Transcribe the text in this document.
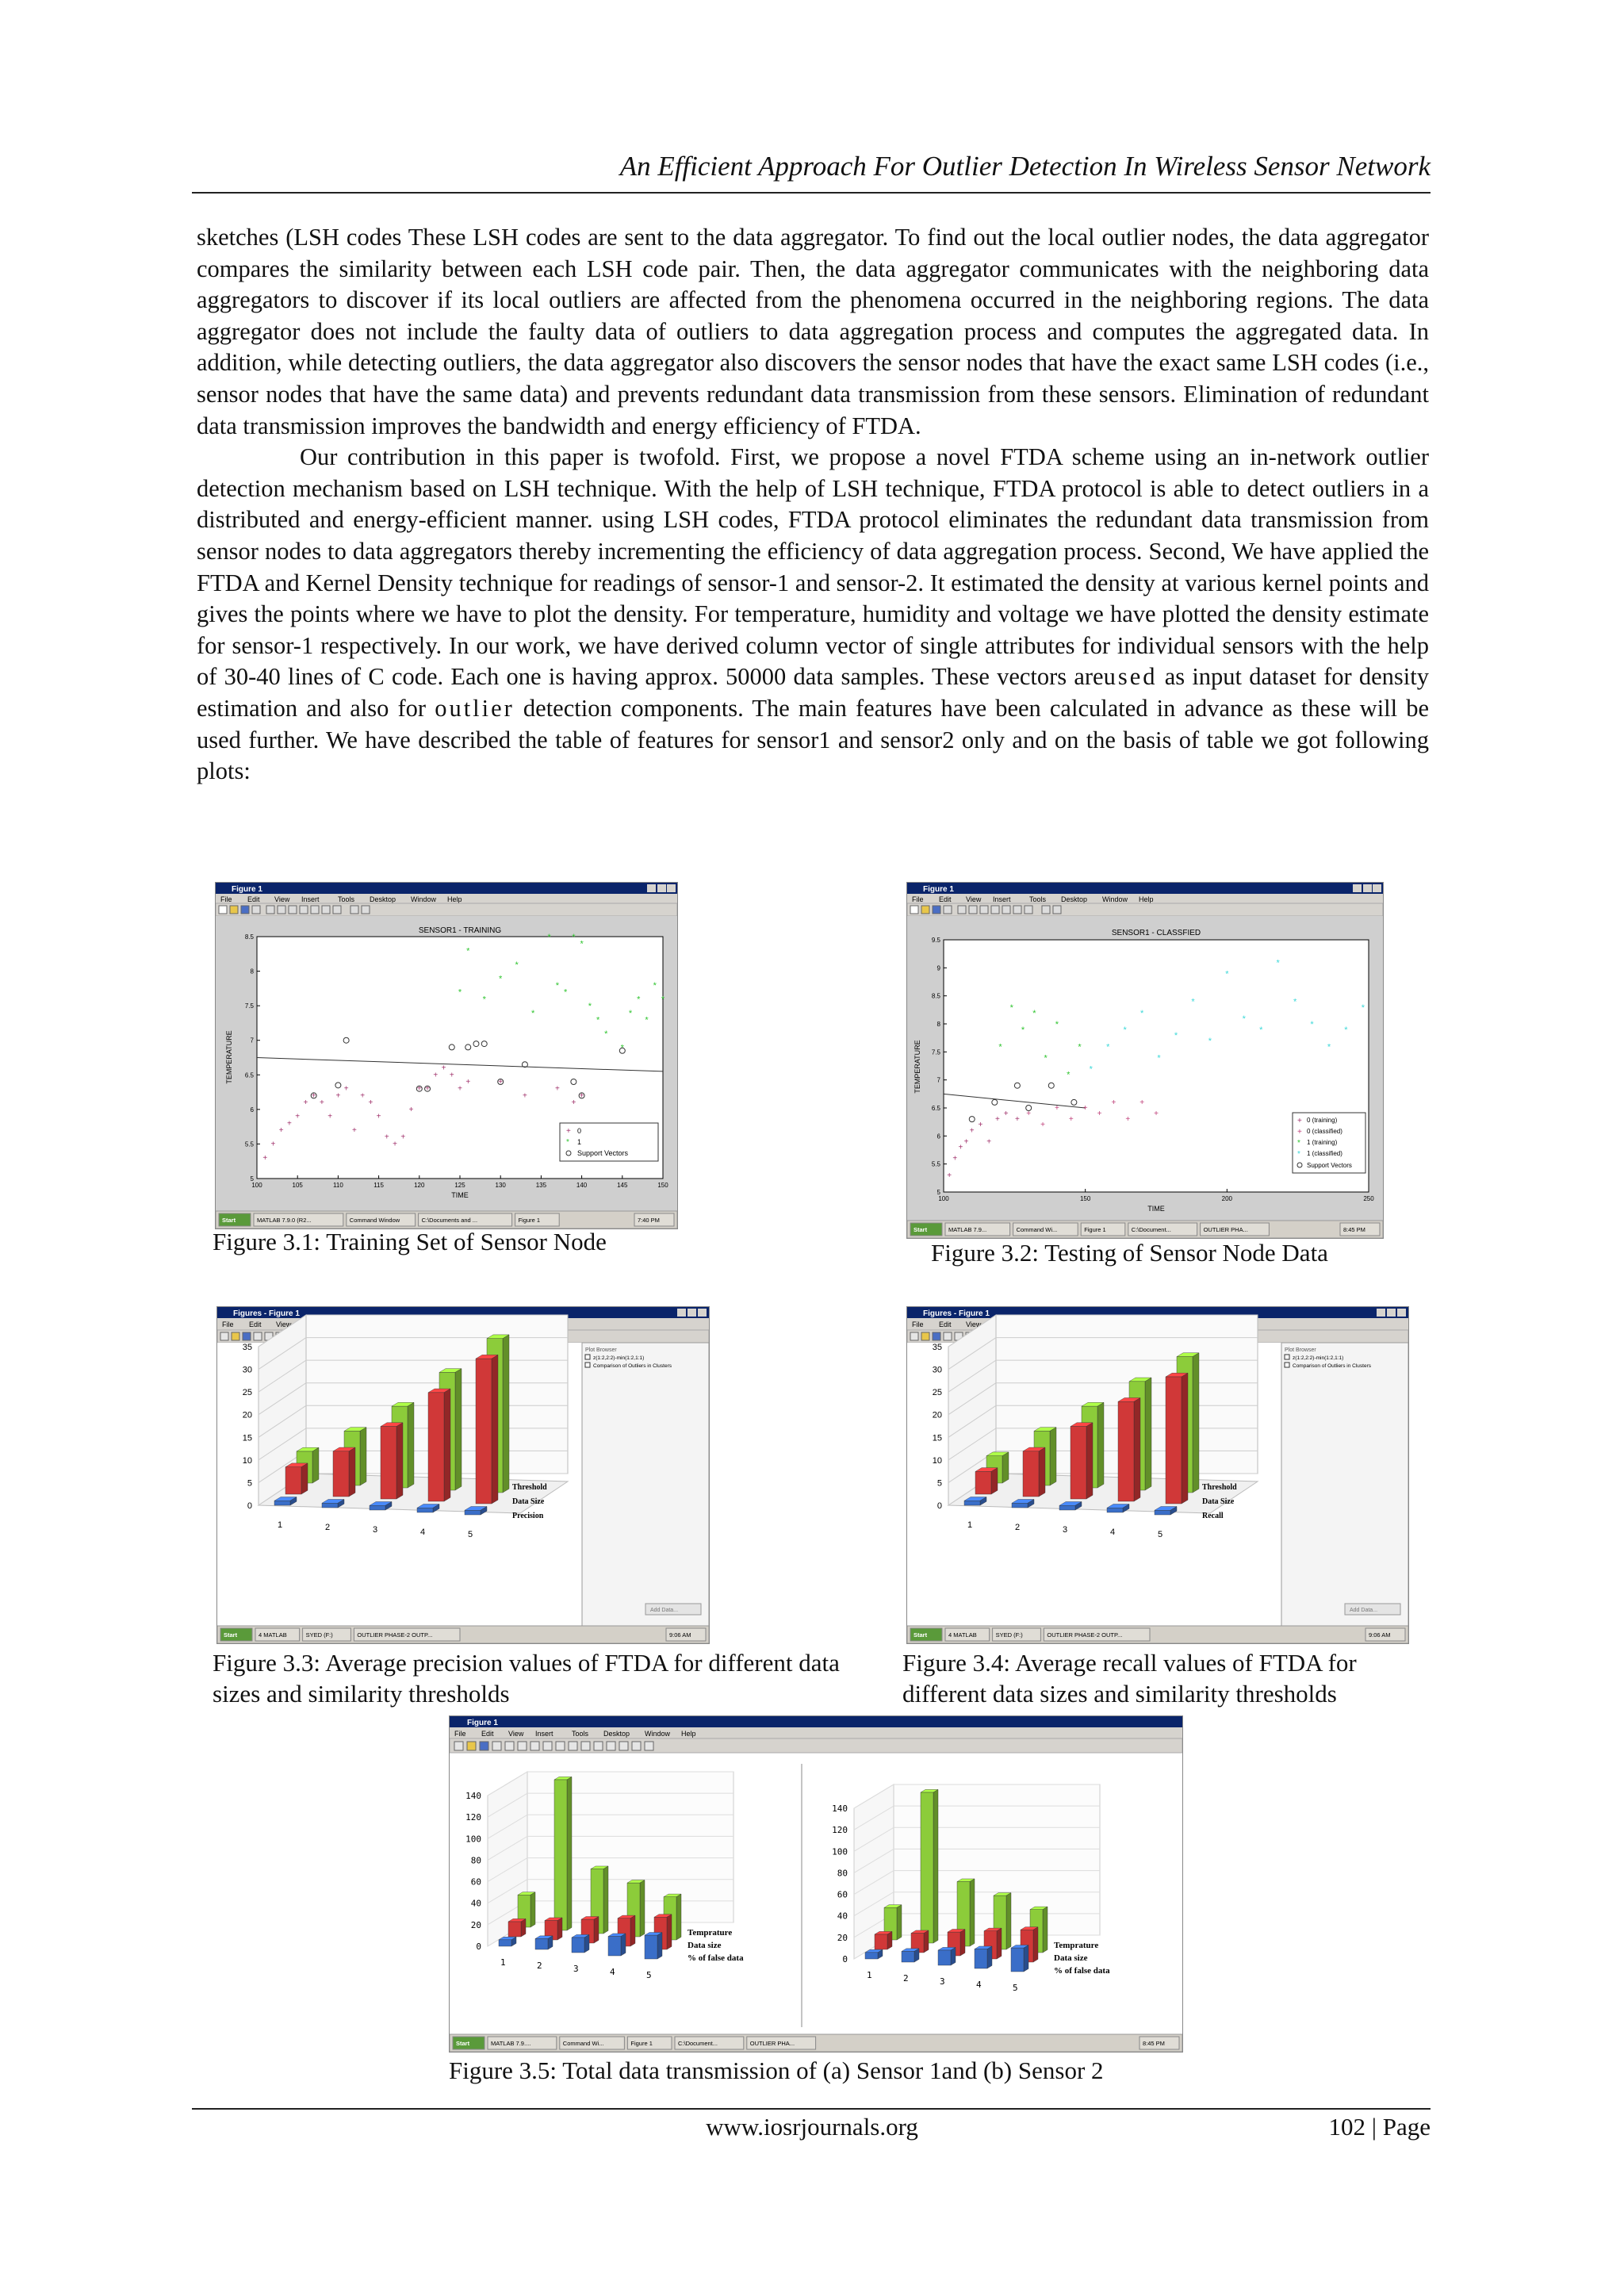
An Efficient Approach For Outlier Detection In Wireless Sensor Network

sketches (LSH codes These LSH codes are sent to the data aggregator. To find out the local outlier nodes, the data aggregator compares the similarity between each LSH code pair. Then, the data aggregator communicates with the neighboring data aggregators to discover if its local outliers are affected from the phenomena occurred in the neighboring regions. The data aggregator does not include the faulty data of outliers to data aggregation process and computes the aggregated data. In addition, while detecting outliers, the data aggregator also discovers the sensor nodes that have the exact same LSH codes (i.e., sensor nodes that have the same data) and prevents redundant data transmission from these sensors. Elimination of redundant data transmission improves the bandwidth and energy efficiency of FTDA.

Our contribution in this paper is twofold. First, we propose a novel FTDA scheme using an in-network outlier detection mechanism based on LSH technique. With the help of LSH technique, FTDA protocol is able to detect outliers in a distributed and energy-efficient manner. using LSH codes, FTDA protocol eliminates the redundant data transmission from sensor nodes to data aggregators thereby incrementing the efficiency of data aggregation process. Second, We have applied the FTDA and Kernel Density technique for readings of sensor-1 and sensor-2. It estimated the density at various kernel points and gives the points where we have to plot the density. For temperature, humidity and voltage we have plotted the density estimate for sensor-1 respectively. In our work, we have derived column vector of single attributes for individual sensors with the help of 30-40 lines of C code. Each one is having approx. 50000 data samples. These vectors areused as input dataset for density estimation and also for outlier detection components. The main features have been calculated in advance as these will be used further. We have described the table of features for sensor1 and sensor2 only and on the basis of table we got following plots:

Figure 1
File Edit View Insert	Tools Desktop Window Help
SENSOR1 - TRAINING
TIME
TEMPERATURE
8.5
8
7.5
7
6.5
6
5.5
5
100	105	110	115	120	125	130	135	140	145	150
+
+
+
+
+
+
+
+
+
+
+
+
+
+
+
+
+
+
+
+ +
+
+
+
+
+	+
+
+
+
+
*
*
*
*
*
*
*
*
*
*
*
*
*
*
*
*
*
*
*
*
+ 0
* 1
Support Vectors
Start	MATLAB 7.9.0 (R2...	Command Window	C:\Documents and ...	Figure 1	7:40 PM
Figure 3.1: Training Set of Sensor Node
Figure 1
File Edit View Insert	Tools Desktop Window Help
SENSOR1 - CLASSFIED
TIME
TEMPERATURE
9.5
9
8.5
8
7.5
7
6.5
6
5.5
5
100	150	200	250
+
+
+
+
+
+
+
+
+
+
+
+
+
+
+
+
+
+
+
+
*
*
*
*
*
*
*
*
*
*
*
*
*
*
*
*
*
*
*
*
*
*
*
*
*
+ 0 (training)
+ 0 (classified)
* 1 (training)
* 1 (classified)
Support Vectors
Start	MATLAB 7.9...	Command Wi...	Figure 1	C:\Document...	OUTLIER PHA...	8:45 PM
Figure 3.2: Testing of Sensor Node Data
Figures - Figure 1
File Edit View
Plot Browser
z(1:2,2:2)-min(1:2,1:1)
Comparison of Outliers in Clusters
Add Data...
35
30
25
20
15
10
5
0
1	2	3	4	5
Threshold
Data Size
Precision
Start	4 MATLAB	SYED (F:)	OUTLIER PHASE-2 OUTP...	9:06 AM
Figure 3.3: Average precision values of FTDA for different data sizes and similarity thresholds
Figures - Figure 1
File Edit View
Plot Browser
z(1:2,2:2)-min(1:2,1:1)
Comparison of Outliers in Clusters
Add Data...
35
30
25
20
15
10
5
0
1	2	3	4	5
Threshold
Data Size
Recall
Start	4 MATLAB	SYED (F:)	OUTLIER PHASE-2 OUTP...	9:06 AM
Figure 3.4: Average recall values of FTDA for different data sizes and similarity thresholds
Figure 1
File Edit View Insert	Tools Desktop Window Help
140
120
100
80
60
40
20
0
1	2	3	4	5
Temprature
Data size
% of false data
140
120
100
80
60
40
20
0
1	2	3	4	5
Temprature
Data size
% of false data
Start	MATLAB 7.9....	Command Wi...	Figure 1	C:\Document...	OUTLIER PHA...	8:45 PM
Figure 3.5: Total data transmission of (a) Sensor 1and (b) Sensor 2
www.iosrjournals.org	102 | Page
